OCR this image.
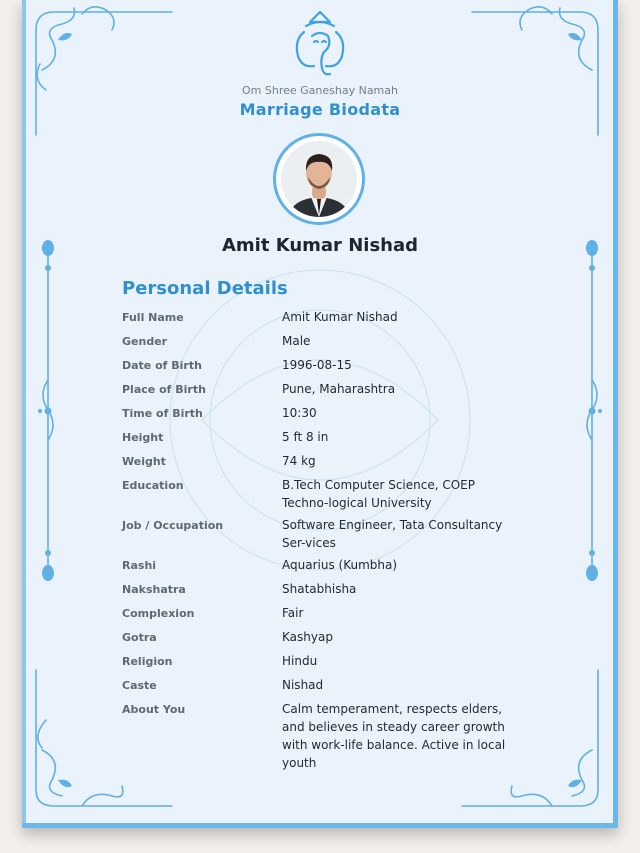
Om Shree Ganeshay Namah
Marriage Biodata
Amit Kumar Nishad
Personal Details
Full Name	Amit Kumar Nishad
Gender	Male
Date of Birth	1996-08-15
Place of Birth	Pune, Maharashtra
Time of Birth	10:30
Height	5 ft 8 in
Weight	74 kg
Education	B.Tech Computer Science, COEP Techno-logical University
Job / Occupation	Software Engineer, Tata Consultancy Ser-vices
Rashi	Aquarius (Kumbha)
Nakshatra	Shatabhisha
Complexion	Fair
Gotra	Kashyap
Religion	Hindu
Caste	Nishad
About You	Calm temperament, respects elders, and believes in steady career growth with work-life balance. Active in local youth
